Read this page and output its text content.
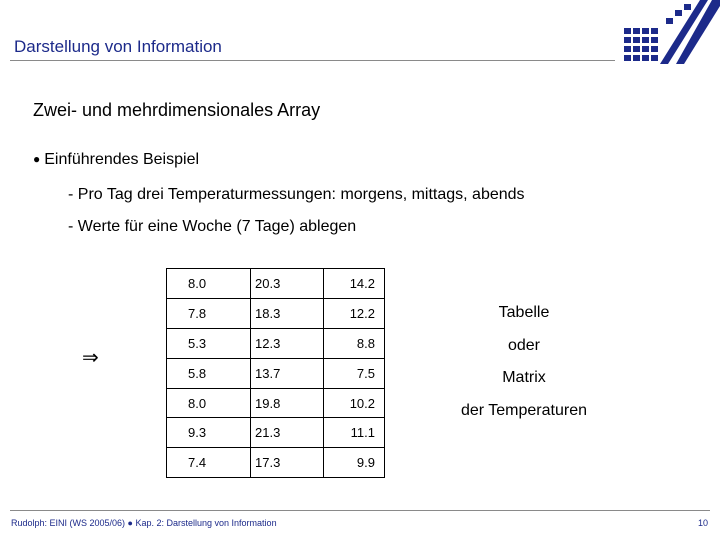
Darstellung von Information
Zwei- und mehrdimensionales Array
● Einführendes Beispiel
- Pro Tag drei Temperaturmessungen: morgens, mittags, abends
- Werte für eine Woche (7 Tage) ablegen
⇒
8.0	20.3	14.2
7.8	18.3	12.2
5.3	12.3	8.8
5.8	13.7	7.5
8.0	19.8	10.2
9.3	21.3	11.1
7.4	17.3	9.9
Tabelle
oder
Matrix
der Temperaturen
Rudolph: EINI (WS 2005/06) ● Kap. 2: Darstellung von Information	10
